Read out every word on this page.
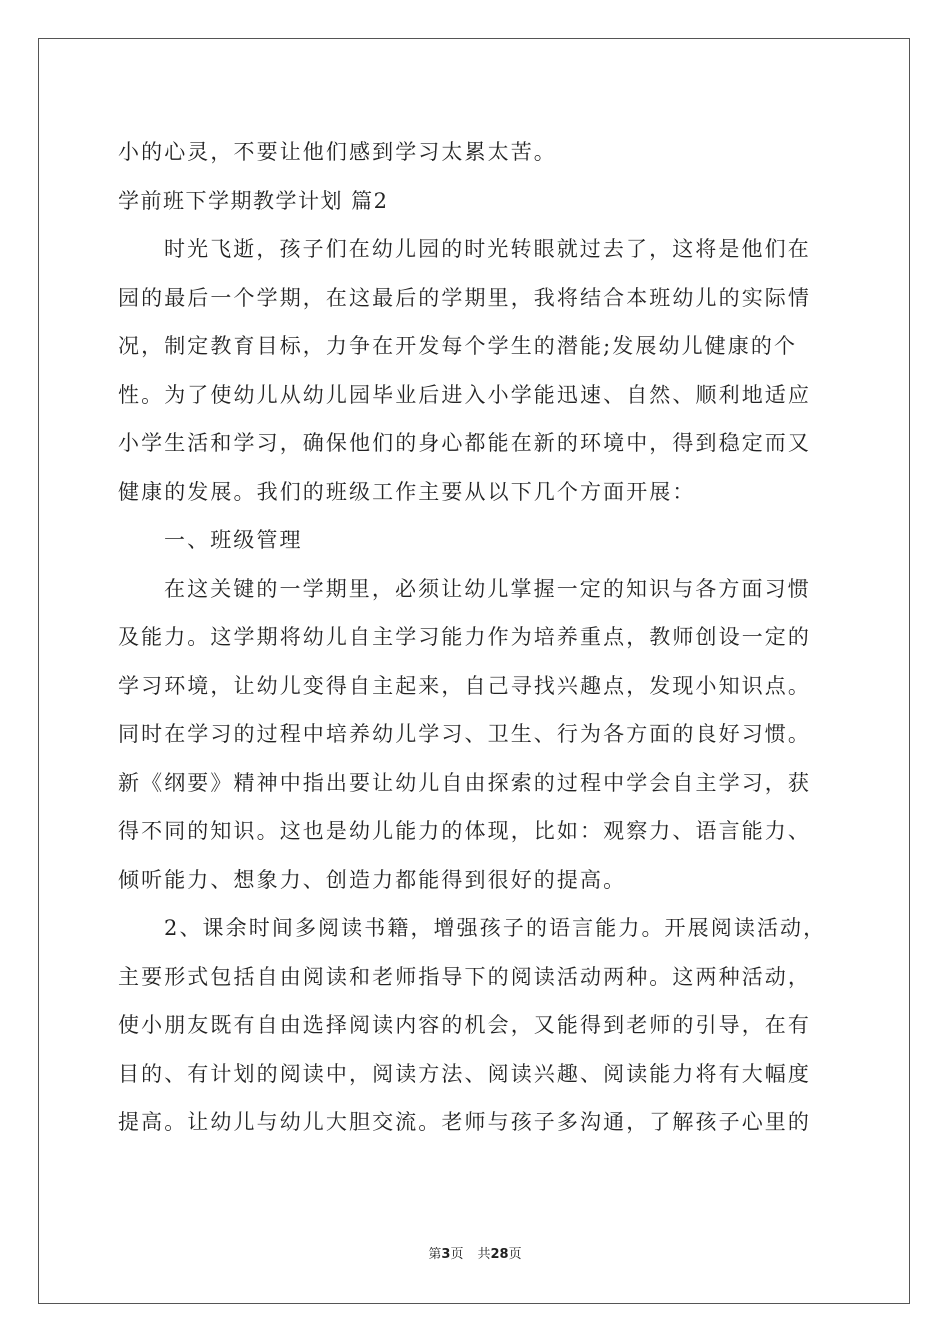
小的心灵，不要让他们感到学习太累太苦。
学前班下学期教学计划 篇2
时光飞逝，孩子们在幼儿园的时光转眼就过去了，这将是他们在
园的最后一个学期，在这最后的学期里，我将结合本班幼儿的实际情
况，制定教育目标，力争在开发每个学生的潜能;发展幼儿健康的个
性。为了使幼儿从幼儿园毕业后进入小学能迅速、自然、顺利地适应
小学生活和学习，确保他们的身心都能在新的环境中，得到稳定而又
健康的发展。我们的班级工作主要从以下几个方面开展：
一、班级管理
在这关键的一学期里，必须让幼儿掌握一定的知识与各方面习惯
及能力。这学期将幼儿自主学习能力作为培养重点，教师创设一定的
学习环境，让幼儿变得自主起来，自己寻找兴趣点，发现小知识点。
同时在学习的过程中培养幼儿学习、卫生、行为各方面的良好习惯。
新《纲要》精神中指出要让幼儿自由探索的过程中学会自主学习，获
得不同的知识。这也是幼儿能力的体现，比如：观察力、语言能力、
倾听能力、想象力、创造力都能得到很好的提高。
2、课余时间多阅读书籍，增强孩子的语言能力。开展阅读活动，
主要形式包括自由阅读和老师指导下的阅读活动两种。这两种活动，
使小朋友既有自由选择阅读内容的机会，又能得到老师的引导，在有
目的、有计划的阅读中，阅读方法、阅读兴趣、阅读能力将有大幅度
提高。让幼儿与幼儿大胆交流。老师与孩子多沟通，了解孩子心里的
第3页 共28页
